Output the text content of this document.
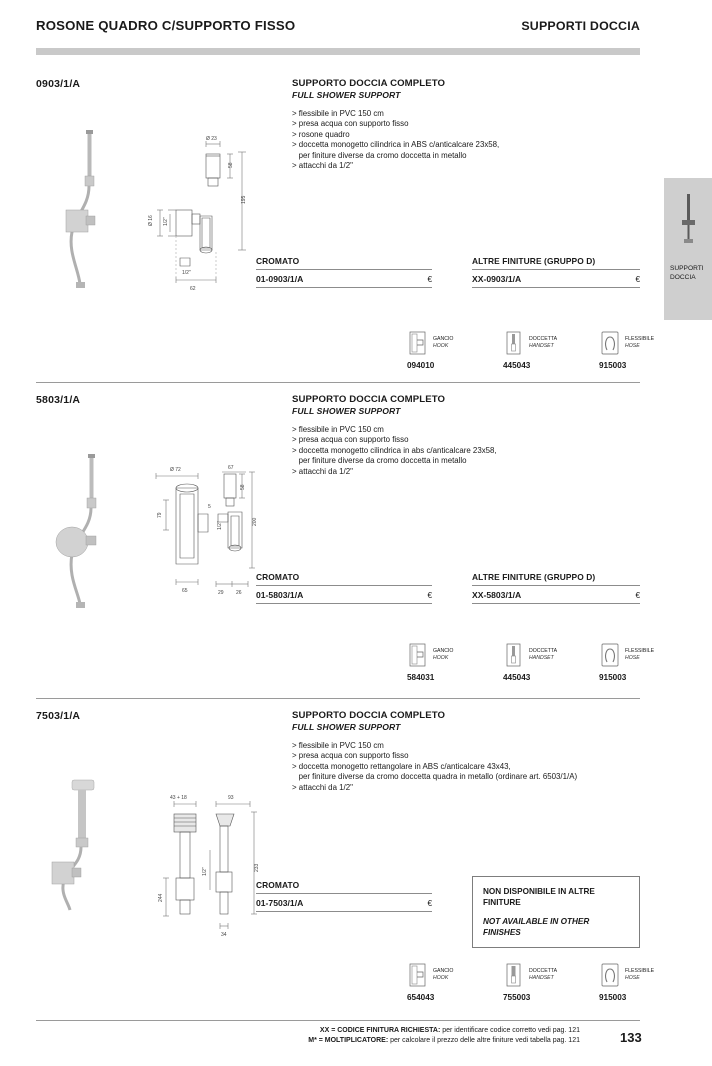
ROSONE QUADRO C/SUPPORTO FISSO	SUPPORTI DOCCIA
SUPPORTI
DOCCIA
0903/1/A	SUPPORTO DOCCIA COMPLETO
FULL SHOWER SUPPORT
> flessibile in PVC 150 cm
> presa acqua con supporto fisso
> rosone quadro
> doccetta monogetto cilindrica in ABS c/anticalcare 23x58,
per finiture diverse da cromo doccetta in metallo
> attacchi da 1/2"
Ø 23
58
195
Ø 16 1/2"
62
1/2"
CROMATO
01-0903/1/A	€
ALTRE FINITURE (GRUPPO D)
XX-0903/1/A	€
GANCIO
HOOK
094010
DOCCETTA
HANDSET
445043
FLESSIBILE
HOSE
915003
5803/1/A	SUPPORTO DOCCIA COMPLETO
FULL SHOWER SUPPORT
> flessibile in PVC 150 cm
> presa acqua con supporto fisso
> doccetta monogetto cilindrica in abs c/anticalcare 23x58,
per finiture diverse da cromo doccetta in metallo
> attacchi da 1/2"
Ø 72	67
58
200
79
5
1/2"
65	29 26
CROMATO
01-5803/1/A	€
ALTRE FINITURE (GRUPPO D)
XX-5803/1/A	€
GANCIO
HOOK
584031
DOCCETTA
HANDSET
445043
FLESSIBILE
HOSE
915003
7503/1/A	SUPPORTO DOCCIA COMPLETO
FULL SHOWER SUPPORT
> flessibile in PVC 150 cm
> presa acqua con supporto fisso
> doccetta monogetto rettangolare in ABS c/anticalcare 43x43,
per finiture diverse da cromo doccetta quadra in metallo (ordinare art. 6503/1/A)
> attacchi da 1/2"
43 + 18	93
233
244
1/2"
34
CROMATO
01-7503/1/A	€
NON DISPONIBILE IN ALTRE FINITURE
NOT AVAILABLE IN OTHER FINISHES
GANCIO
HOOK
654043
DOCCETTA
HANDSET
755003
FLESSIBILE
HOSE
915003
XX = CODICE FINITURA RICHIESTA: per identificare codice corretto vedi pag. 121
M* = MOLTIPLICATORE: per calcolare il prezzo delle altre finiture vedi tabella pag. 121	133
